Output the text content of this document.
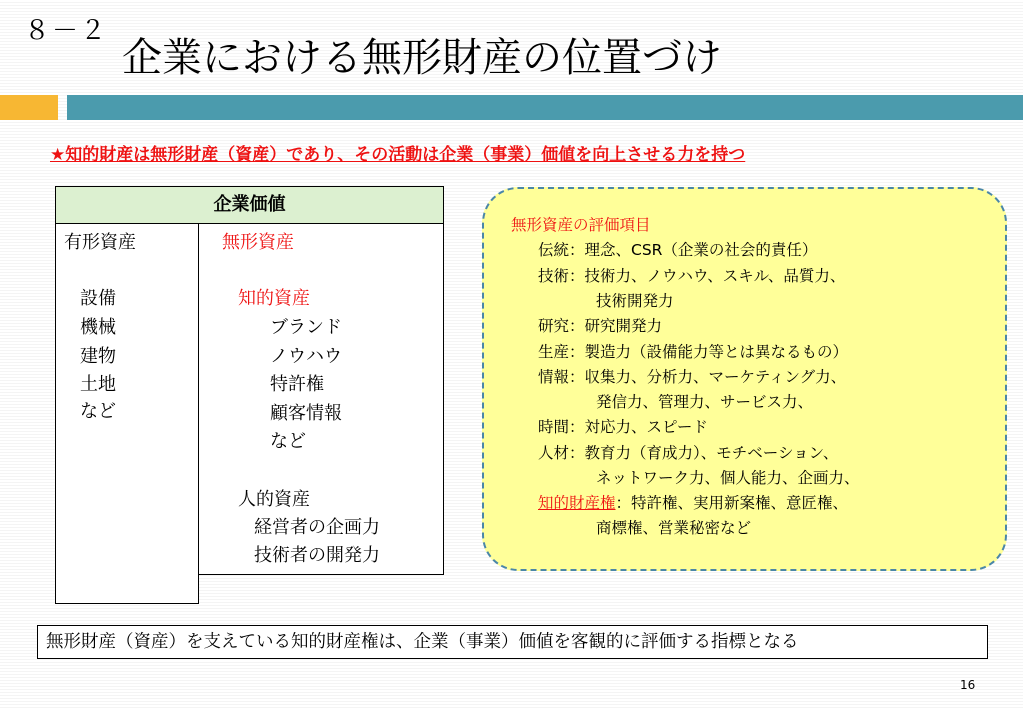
８－２
企業における無形財産の位置づけ
★知的財産は無形財産（資産）であり、その活動は企業（事業）価値を向上させる力を持つ
企業価値
有形資産
設備
機械
建物
土地
など
無形資産
知的資産
ブランド
ノウハウ
特許権
顧客情報
など
人的資産
経営者の企画力
技術者の開発力
無形資産の評価項目
伝統：理念、CSR（企業の社会的責任）
技術：技術力、ノウハウ、スキル、品質力、
技術開発力
研究：研究開発力
生産：製造力（設備能力等とは異なるもの）
情報：収集力、分析力、マーケティング力、
発信力、管理力、サービス力、
時間：対応力、スピード
人材：教育力（育成力）、モチベーション、
ネットワーク力、個人能力、企画力、
知的財産権：特許権、実用新案権、意匠権、
商標権、営業秘密など
無形財産（資産）を支えている知的財産権は、企業（事業）価値を客観的に評価する指標となる
16
